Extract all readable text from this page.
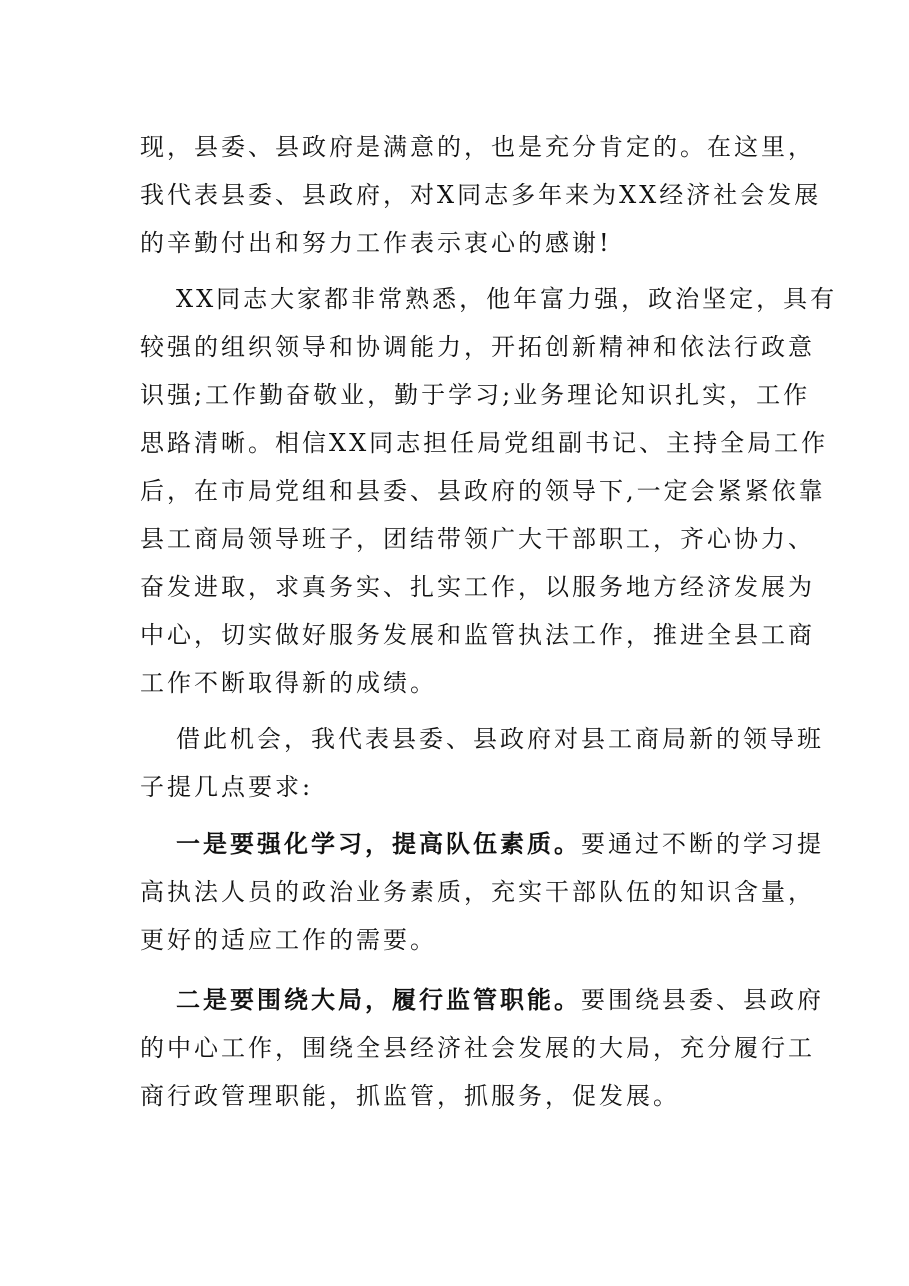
现，县委、县政府是满意的，也是充分肯定的。在这里，
我代表县委、县政府，对X同志多年来为XX经济社会发展
的辛勤付出和努力工作表示衷心的感谢!
XX同志大家都非常熟悉，他年富力强，政治坚定，具有
较强的组织领导和协调能力，开拓创新精神和依法行政意
识强;工作勤奋敬业，勤于学习;业务理论知识扎实，工作
思路清晰。相信XX同志担任局党组副书记、主持全局工作
后，在市局党组和县委、县政府的领导下,一定会紧紧依靠
县工商局领导班子，团结带领广大干部职工，齐心协力、
奋发进取，求真务实、扎实工作，以服务地方经济发展为
中心，切实做好服务发展和监管执法工作，推进全县工商
工作不断取得新的成绩。
借此机会，我代表县委、县政府对县工商局新的领导班
子提几点要求:
一是要强化学习，提高队伍素质。要通过不断的学习提
高执法人员的政治业务素质，充实干部队伍的知识含量，
更好的适应工作的需要。
二是要围绕大局，履行监管职能。要围绕县委、县政府
的中心工作，围绕全县经济社会发展的大局，充分履行工
商行政管理职能，抓监管，抓服务，促发展。
